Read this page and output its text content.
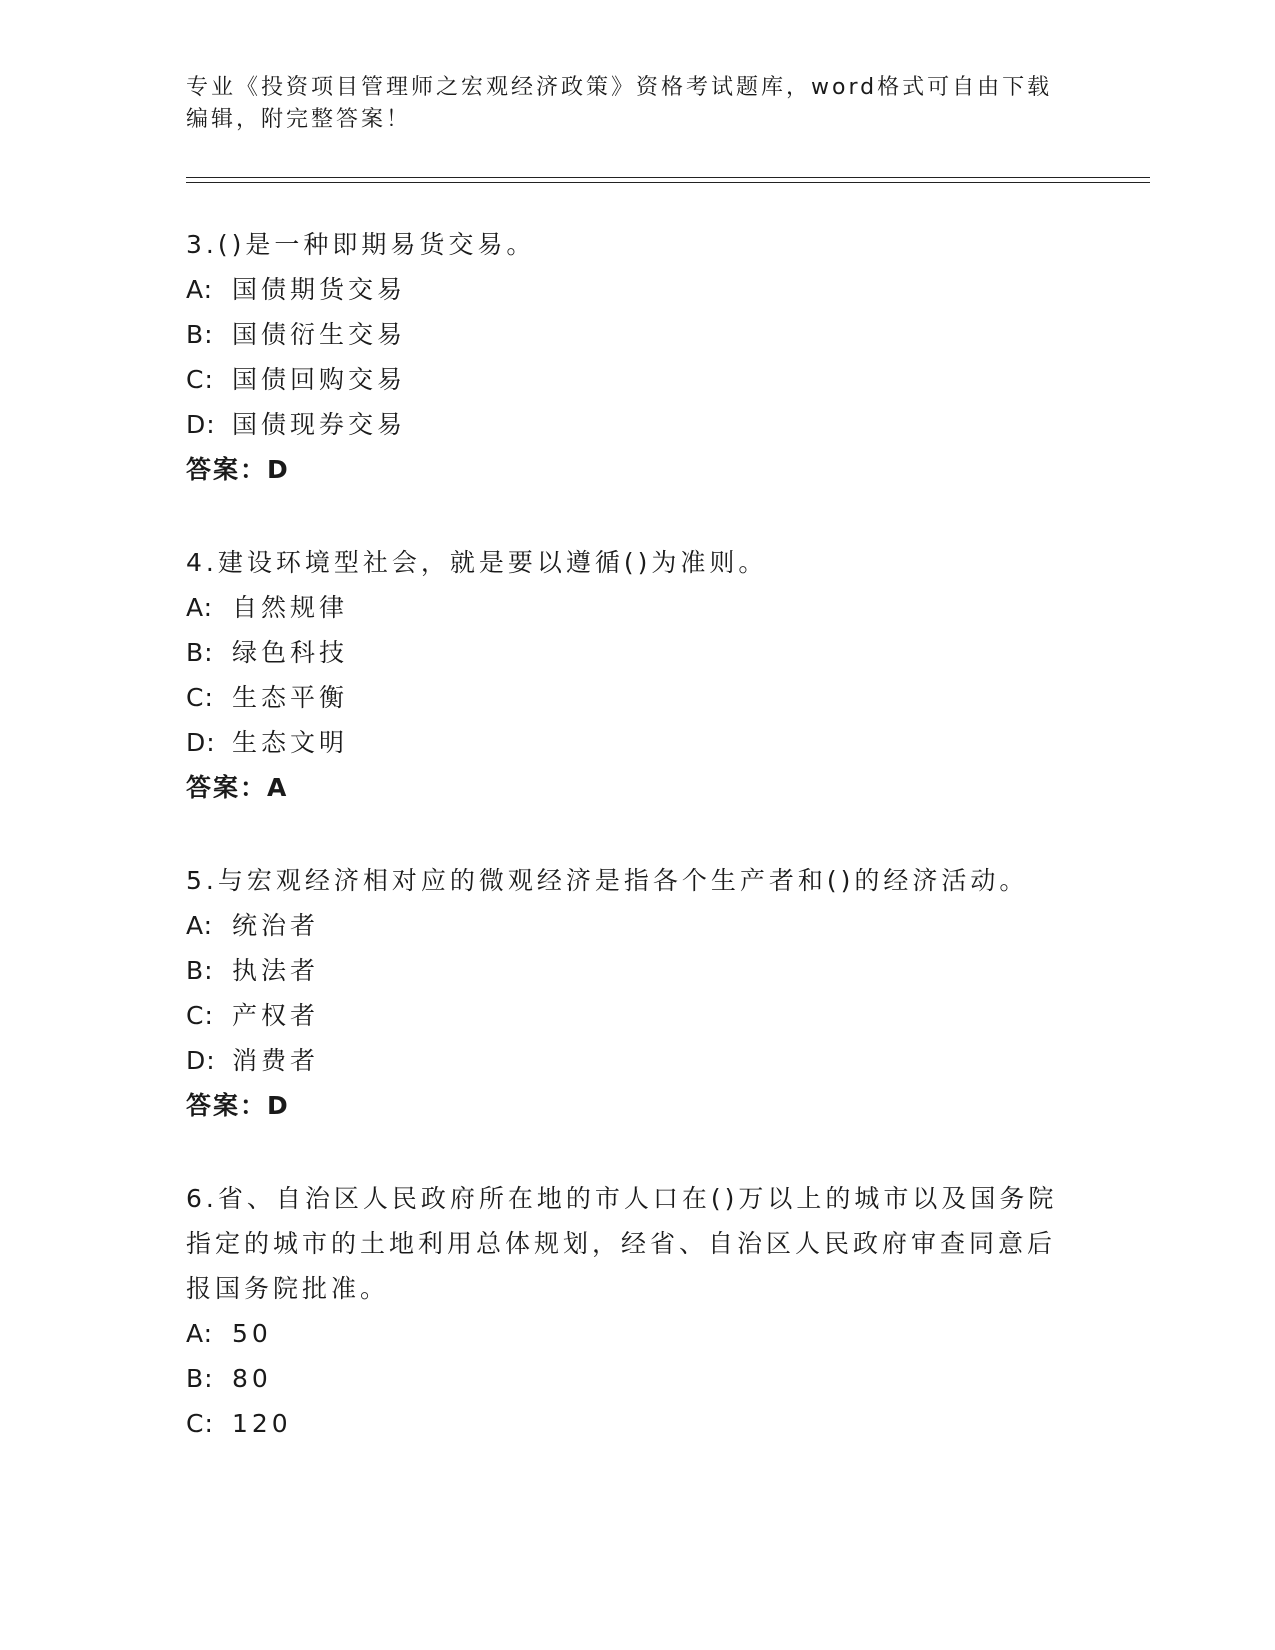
专业《投资项目管理师之宏观经济政策》资格考试题库，word格式可自由下载编辑，附完整答案！

3.()是一种即期易货交易。

A: 国债期货交易

B: 国债衍生交易

C: 国债回购交易

D: 国债现券交易

答案：D

4.建设环境型社会，就是要以遵循()为准则。

A: 自然规律

B: 绿色科技

C: 生态平衡

D: 生态文明

答案：A

5.与宏观经济相对应的微观经济是指各个生产者和()的经济活动。

A: 统治者

B: 执法者

C: 产权者

D: 消费者

答案：D

6.省、自治区人民政府所在地的市人口在()万以上的城市以及国务院指定的城市的土地利用总体规划，经省、自治区人民政府审查同意后报国务院批准。

A: 50

B: 80

C: 120
